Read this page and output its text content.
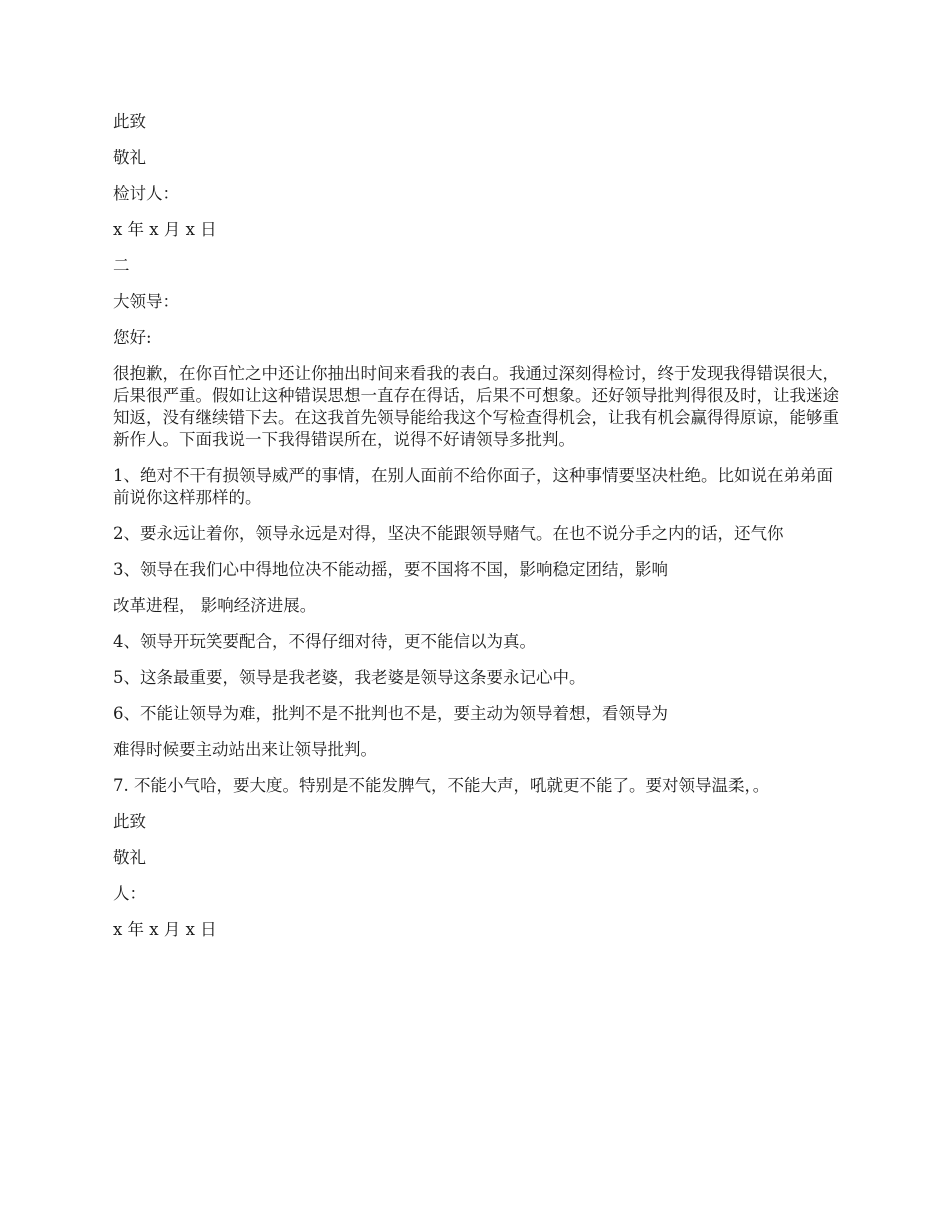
此致

敬礼

检讨人：

x 年 x 月 x 日

二

大领导：

您好:

很抱歉，在你百忙之中还让你抽出时间来看我的表白。我通过深刻得检讨，终于发现我得错误很大，后果很严重。假如让这种错误思想一直存在得话，后果不可想象。还好领导批判得很及时，让我迷途知返，没有继续错下去。在这我首先领导能给我这个写检查得机会，让我有机会赢得得原谅，能够重新作人。下面我说一下我得错误所在，说得不好请领导多批判。

1、绝对不干有损领导威严的事情，在别人面前不给你面子，这种事情要坚决杜绝。比如说在弟弟面前说你这样那样的。

2、要永远让着你，领导永远是对得，坚决不能跟领导赌气。在也不说分手之内的话，还气你

3、领导在我们心中得地位决不能动摇，要不国将不国，影响稳定团结，影响

改革进程， 影响经济进展。

4、领导开玩笑要配合，不得仔细对待，更不能信以为真。

5、这条最重要，领导是我老婆，我老婆是领导这条要永记心中。

6、不能让领导为难，批判不是不批判也不是，要主动为领导着想，看领导为

难得时候要主动站出来让领导批判。

7. 不能小气哈，要大度。特别是不能发脾气，不能大声，吼就更不能了。要对领导温柔，。

此致

敬礼

人：

x 年 x 月 x 日
